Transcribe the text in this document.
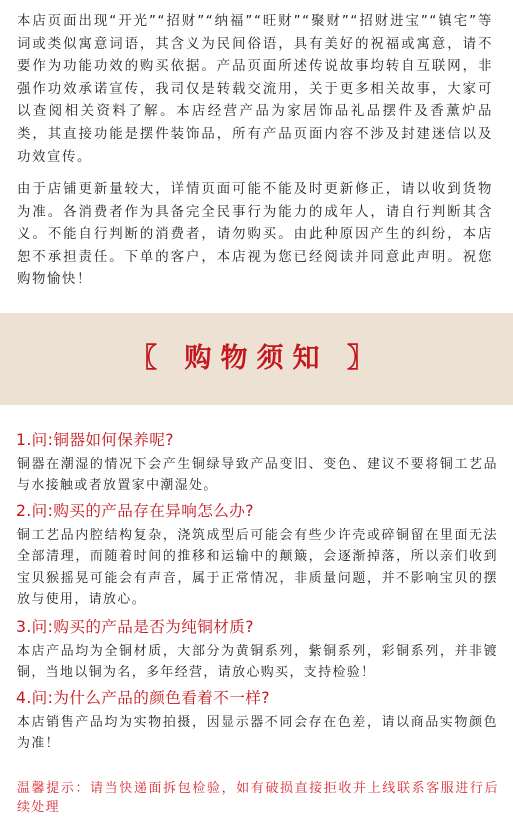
本店页面出现“开光”“招财”“纳福”“旺财”“聚财”“招财进宝”“镇宅”等词或类似寓意词语，其含义为民间俗语，具有美好的祝福或寓意，请不要作为功能功效的购买依据。产品页面所述传说故事均转自互联网，非强作功效承诺宣传，我司仅是转载交流用，关于更多相关故事，大家可以查阅相关资料了解。本店经营产品为家居饰品礼品摆件及香薰炉品类，其直接功能是摆件装饰品，所有产品页面内容不涉及封建迷信以及功效宣传。

由于店铺更新量较大，详情页面可能不能及时更新修正，请以收到货物为准。各消费者作为具备完全民事行为能力的成年人，请自行判断其含义。不能自行判断的消费者，请勿购买。由此种原因产生的纠纷，本店恕不承担责任。下单的客户，本店视为您已经阅读并同意此声明。祝您购物愉快！

〖 购物须知 〗

1.问:铜器如何保养呢?

铜器在潮湿的情况下会产生铜绿导致产品变旧、变色、建议不要将铜工艺品与水接触或者放置家中潮湿处。

2.问:购买的产品存在异响怎么办?

铜工艺品内腔结构复杂，浇筑成型后可能会有些少许壳或碎铜留在里面无法全部清理，而随着时间的推移和运输中的颠簸，会逐渐掉落，所以亲们收到宝贝猴摇晃可能会有声音，属于正常情况，非质量问题，并不影响宝贝的摆放与使用，请放心。

3.问:购买的产品是否为纯铜材质?

本店产品均为全铜材质，大部分为黄铜系列，紫铜系列，彩铜系列，并非镀铜，当地以铜为名，多年经营，请放心购买，支持检验！

4.问:为什么产品的颜色看着不一样?

本店销售产品均为实物拍摄，因显示器不同会存在色差，请以商品实物颜色为准！

温馨提示：请当快递面拆包检验，如有破损直接拒收并上线联系客服进行后续处理
